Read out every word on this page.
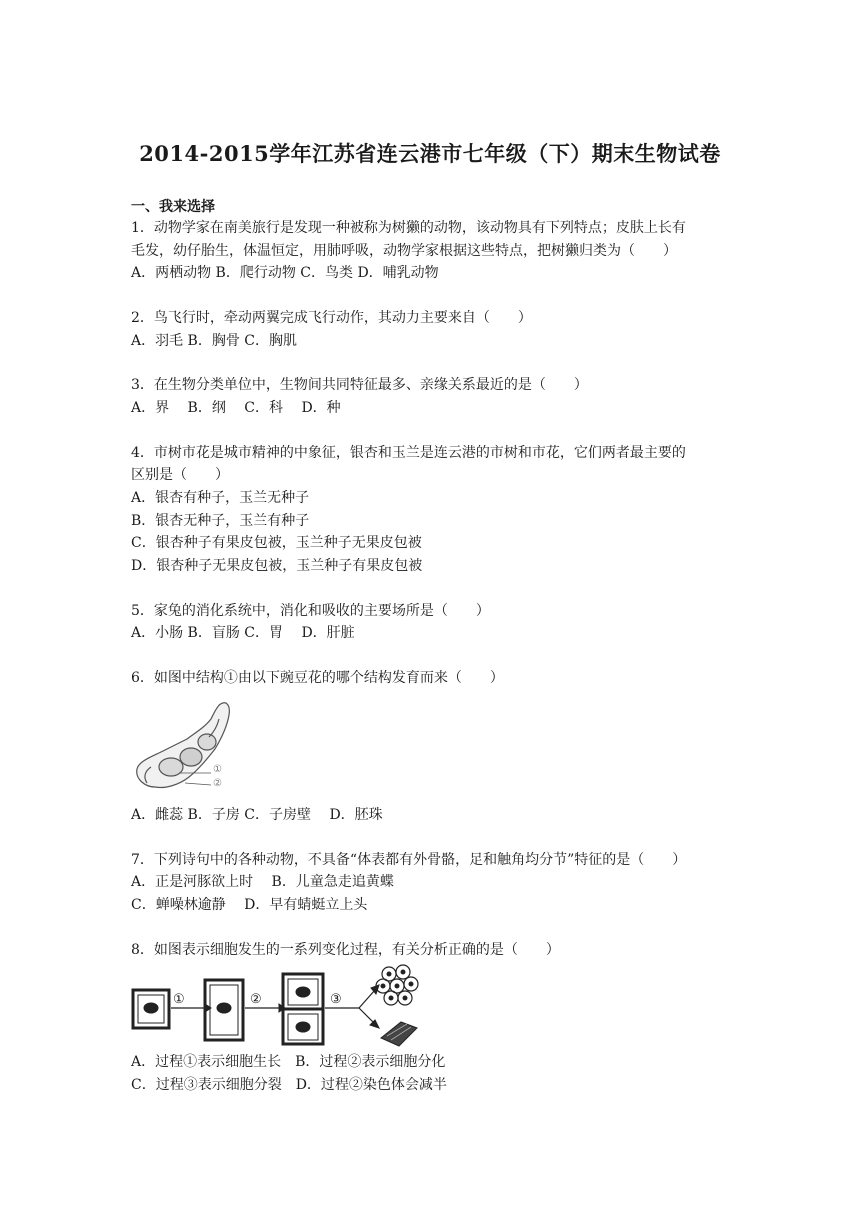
2014-2015学年江苏省连云港市七年级（下）期末生物试卷
一、我来选择
1．动物学家在南美旅行是发现一种被称为树獭的动物，该动物具有下列特点；皮肤上长有
毛发，幼仔胎生，体温恒定，用肺呼吸，动物学家根据这些特点，把树獭归类为（　　）
A．两栖动物 B．爬行动物 C．鸟类 D．哺乳动物
2．鸟飞行时，牵动两翼完成飞行动作，其动力主要来自（　　）
A．羽毛 B．胸骨 C．胸肌
3．在生物分类单位中，生物间共同特征最多、亲缘关系最近的是（　　）
A．界　 B．纲　 C．科　 D．种
4．市树市花是城市精神的中象征，银杏和玉兰是连云港的市树和市花，它们两者最主要的
区别是（　　）
A．银杏有种子，玉兰无种子
B．银杏无种子，玉兰有种子
C．银杏种子有果皮包被，玉兰种子无果皮包被
D．银杏种子无果皮包被，玉兰种子有果皮包被
5．家兔的消化系统中，消化和吸收的主要场所是（　　）
A．小肠 B．盲肠 C．胃　 D．肝脏
6．如图中结构①由以下豌豆花的哪个结构发育而来（　　）
①
②
A．雌蕊 B．子房 C．子房壁　 D．胚珠
7．下列诗句中的各种动物，不具备“体表都有外骨骼，足和触角均分节”特征的是（　　）
A．正是河豚欲上时　 B．儿童急走追黄蝶
C．蝉噪林逾静　 D．早有蜻蜓立上头
8．如图表示细胞发生的一系列变化过程，有关分析正确的是（　　）
①	②	③
A．过程①表示细胞生长　B．过程②表示细胞分化
C．过程③表示细胞分裂　D．过程②染色体会减半
